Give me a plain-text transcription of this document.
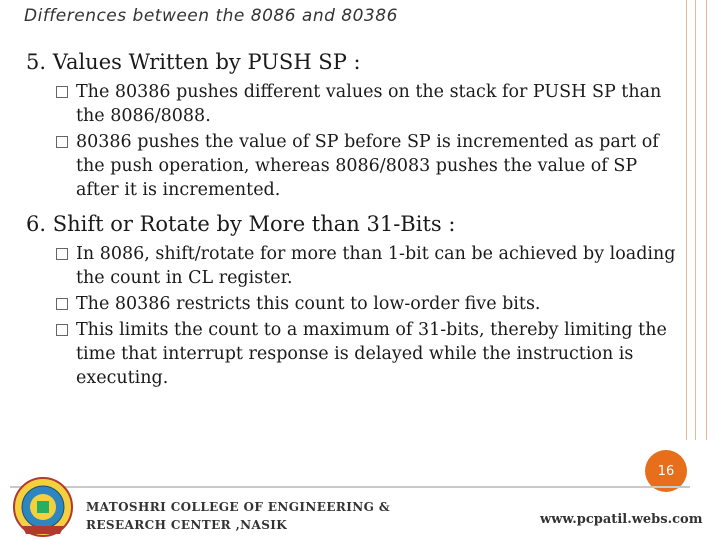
Differences between the 8086 and 80386
5. Values Written by PUSH SP :
The 80386 pushes different values on the stack for PUSH SP than the 8086/8088.
80386 pushes the value of SP before SP is incremented as part of the push operation, whereas 8086/8083 pushes the value of SP after it is incremented.
6. Shift or Rotate by More than 31-Bits :
In 8086, shift/rotate for more than 1-bit can be achieved by loading the count in CL register.
The 80386 restricts this count to low-order five bits.
This limits the count to a maximum of 31-bits, thereby limiting the time that interrupt response is delayed while the instruction is executing.
16
MATOSHRI COLLEGE OF ENGINEERING &
RESEARCH CENTER ,NASIK	www.pcpatil.webs.com
